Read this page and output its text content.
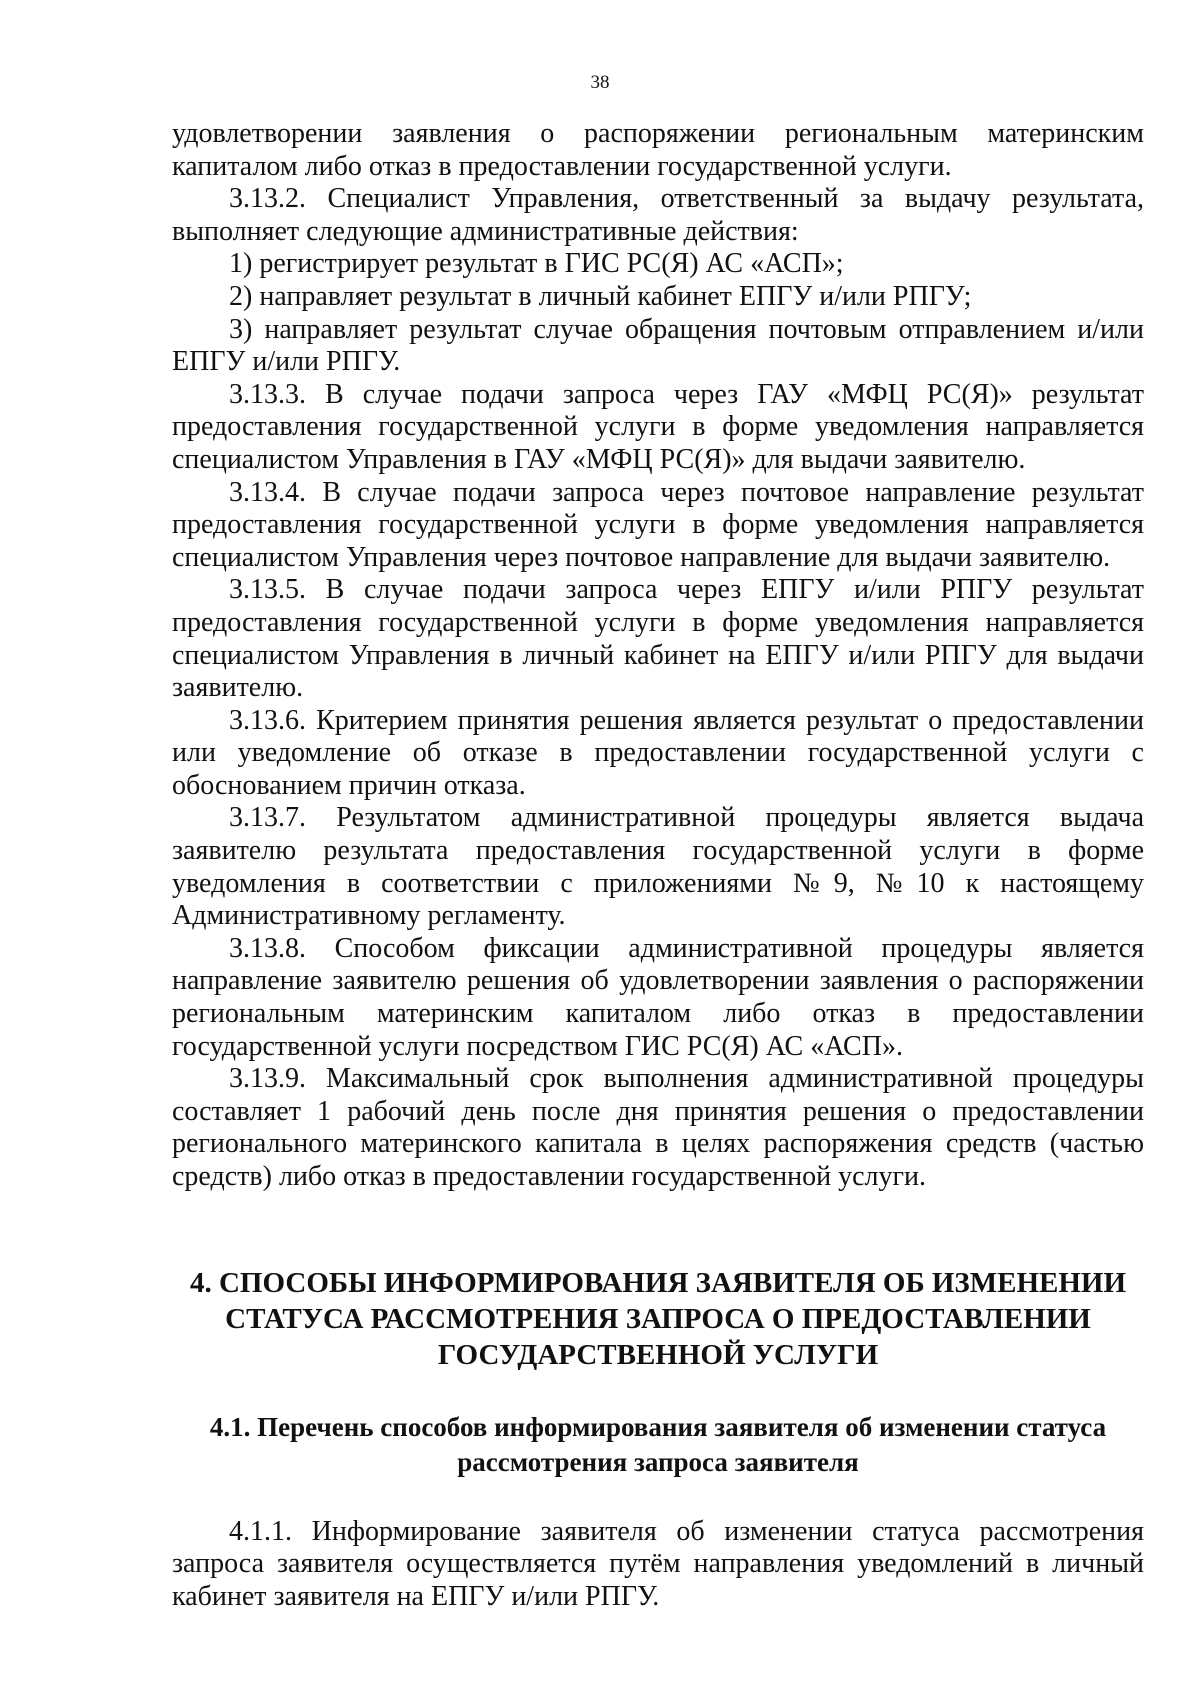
38

удовлетворении заявления о распоряжении региональным материнским капиталом либо отказ в предоставлении государственной услуги.

3.13.2. Специалист Управления, ответственный за выдачу результата, выполняет следующие административные действия:

1) регистрирует результат в ГИС РС(Я) АС «АСП»;

2) направляет результат в личный кабинет ЕПГУ и/или РПГУ;

3) направляет результат случае обращения почтовым отправлением и/или ЕПГУ и/или РПГУ.

3.13.3. В случае подачи запроса через ГАУ «МФЦ РС(Я)» результат предоставления государственной услуги в форме уведомления направляется специалистом Управления в ГАУ «МФЦ РС(Я)» для выдачи заявителю.

3.13.4. В случае подачи запроса через почтовое направление результат предоставления государственной услуги в форме уведомления направляется специалистом Управления через почтовое направление для выдачи заявителю.

3.13.5. В случае подачи запроса через ЕПГУ и/или РПГУ результат предоставления государственной услуги в форме уведомления направляется специалистом Управления в личный кабинет на ЕПГУ и/или РПГУ для выдачи заявителю.

3.13.6. Критерием принятия решения является результат о предоставлении или уведомление об отказе в предоставлении государственной услуги с обоснованием причин отказа.

3.13.7. Результатом административной процедуры является выдача заявителю результата предоставления государственной услуги в форме уведомления в соответствии с приложениями №9, №10 к настоящему Административному регламенту.

3.13.8. Способом фиксации административной процедуры является направление заявителю решения об удовлетворении заявления о распоряжении региональным материнским капиталом либо отказ в предоставлении государственной услуги посредством ГИС РС(Я) АС «АСП».

3.13.9. Максимальный срок выполнения административной процедуры составляет 1 рабочий день после дня принятия решения о предоставлении регионального материнского капитала в целях распоряжения средств (частью средств) либо отказ в предоставлении государственной услуги.

4. СПОСОБЫ ИНФОРМИРОВАНИЯ ЗАЯВИТЕЛЯ ОБ ИЗМЕНЕНИИ
СТАТУСА РАССМОТРЕНИЯ ЗАПРОСА О ПРЕДОСТАВЛЕНИИ
ГОСУДАРСТВЕННОЙ УСЛУГИ
4.1. Перечень способов информирования заявителя об изменении статуса
рассмотрения запроса заявителя

4.1.1. Информирование заявителя об изменении статуса рассмотрения запроса заявителя осуществляется путём направления уведомлений в личный кабинет заявителя на ЕПГУ и/или РПГУ.
